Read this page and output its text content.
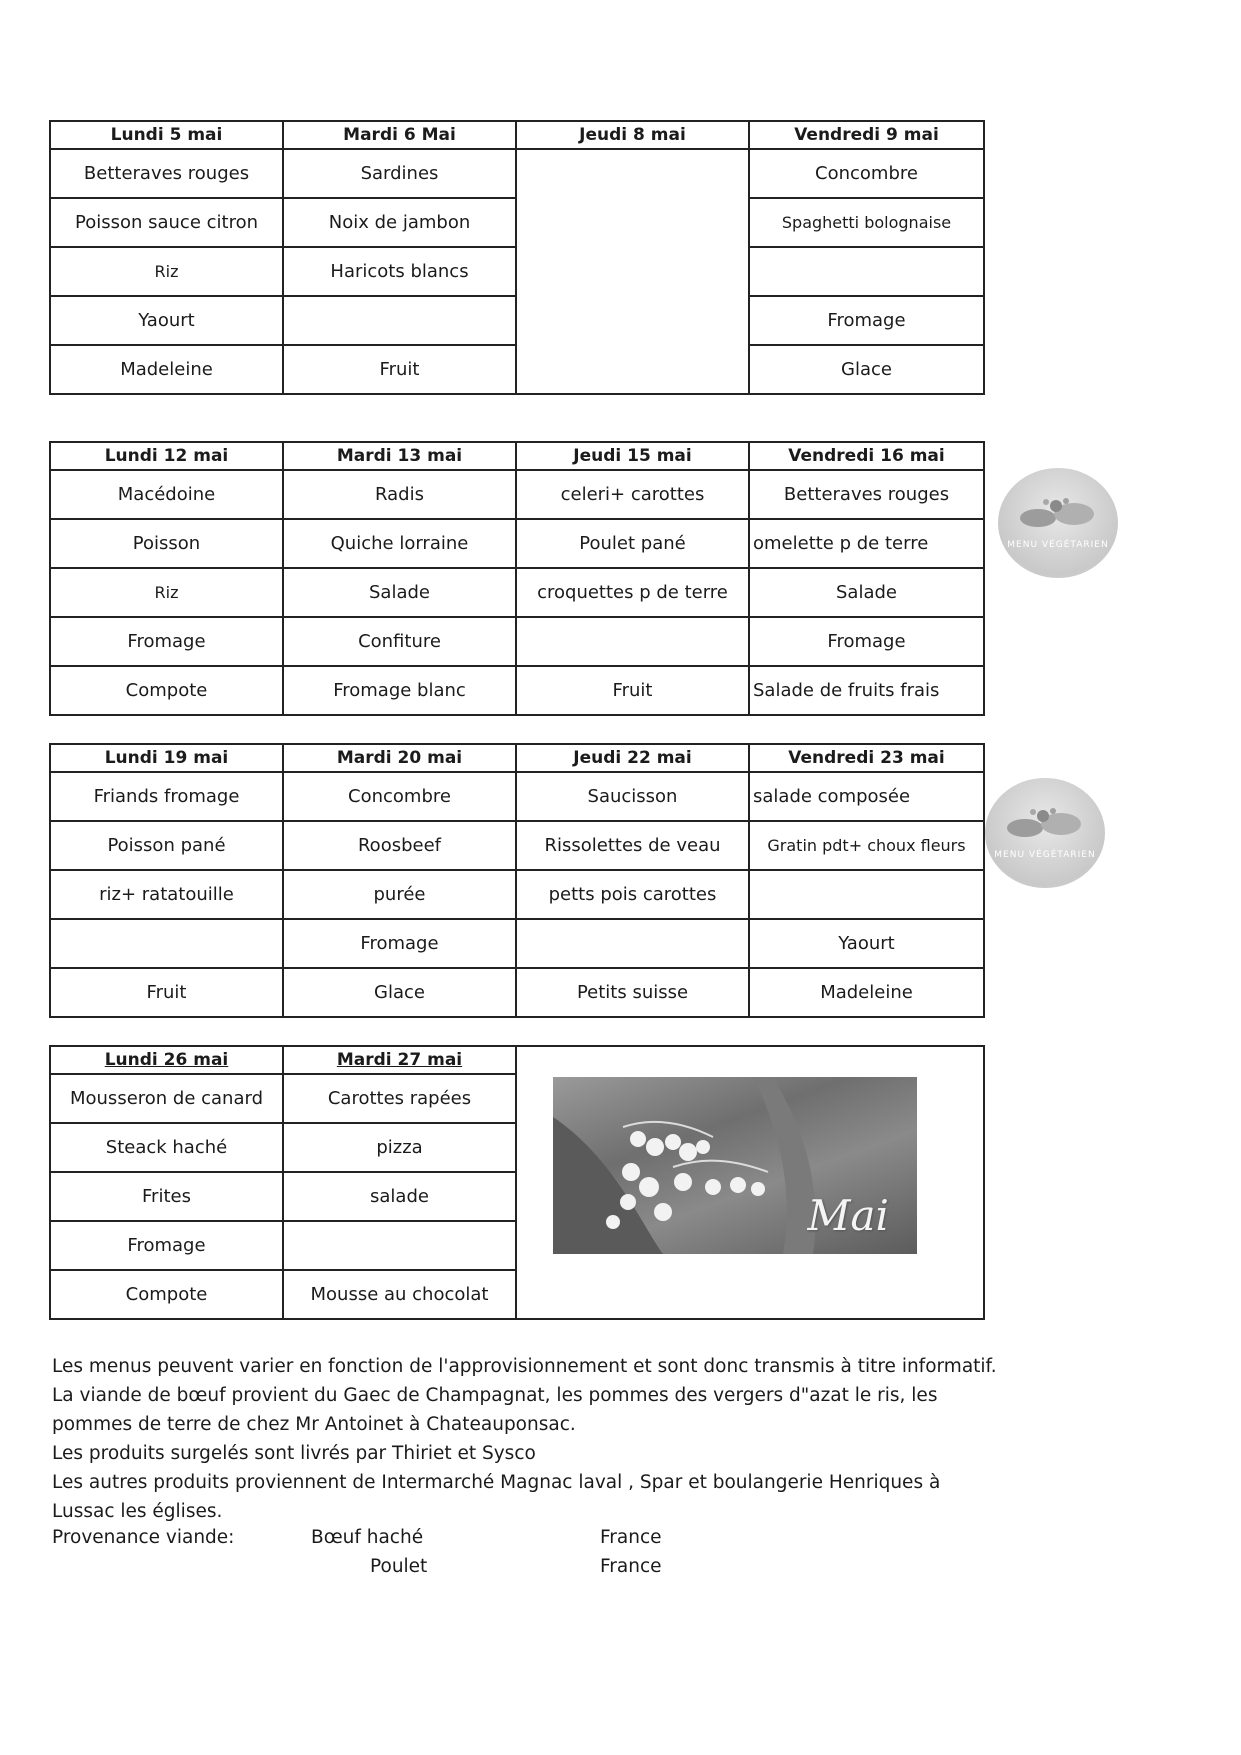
Lundi 5 mai	Mardi 6 Mai	Jeudi 8 mai	Vendredi 9 mai
Betteraves rouges	Sardines		Concombre
Poisson sauce citron	Noix de jambon		Spaghetti bolognaise
Riz	Haricots blancs		
Yaourt			Fromage
Madeleine	Fruit		Glace
Lundi 12 mai	Mardi 13 mai	Jeudi 15 mai	Vendredi 16 mai
Macédoine	Radis	celeri+ carottes	Betteraves rouges
Poisson	Quiche lorraine	Poulet pané	omelette p de terre
Riz	Salade	croquettes p de terre	Salade
Fromage	Confiture		Fromage
Compote	Fromage blanc	Fruit	Salade de fruits frais
Lundi 19 mai	Mardi 20 mai	Jeudi 22 mai	Vendredi 23 mai
Friands fromage	Concombre	Saucisson	salade composée
Poisson pané	Roosbeef	Rissolettes de veau	Gratin pdt+ choux fleurs
riz+ ratatouille	purée	petts pois carottes	
	Fromage		Yaourt
Fruit	Glace	Petits suisse	Madeleine
Lundi 26 mai	Mardi 27 mai	
Mousseron de canard	Carottes rapées	
Steack haché	pizza	
Frites	salade	
Fromage		
Compote	Mousse au chocolat	
MENU VÉGÉTARIEN
MENU VÉGÉTARIEN
Mai

Les menus peuvent varier en fonction de l'approvisionnement et sont donc transmis à titre informatif.

La viande de bœuf provient du Gaec de Champagnat, les pommes des vergers d"azat le ris, les pommes de terre de chez Mr Antoinet à Chateauponsac.

Les produits surgelés sont livrés par Thiriet et Sysco

Les autres produits proviennent de Intermarché Magnac laval , Spar et boulangerie Henriques à Lussac les églises.

Provenance viande:	Bœuf haché	France
Poulet	France
